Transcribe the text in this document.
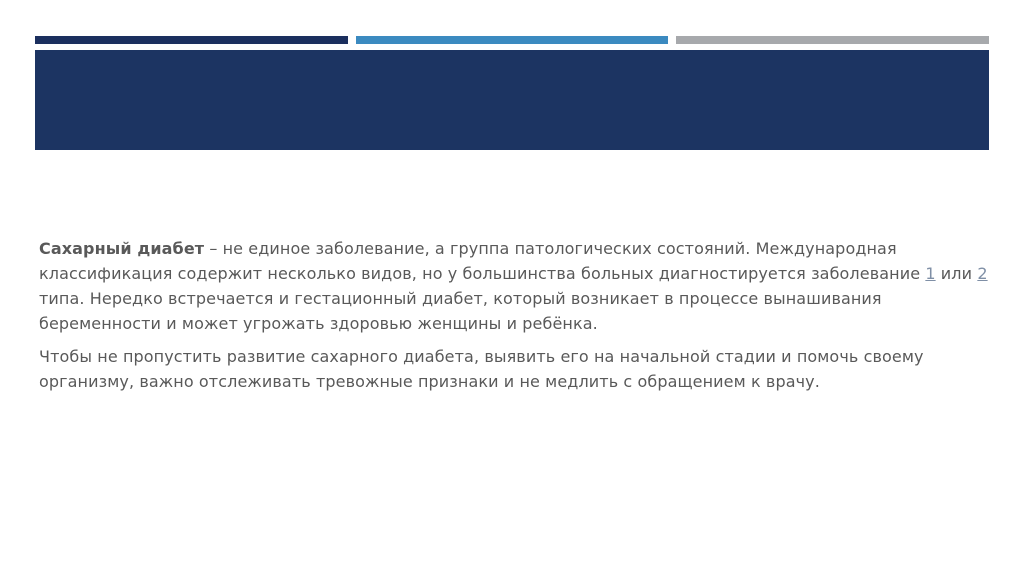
Сахарный диабет – не единое заболевание, а группа патологических состояний. Международная классификация содержит несколько видов, но у большинства больных диагностируется заболевание 1 или 2 типа. Нередко встречается и гестационный диабет, который возникает в процессе вынашивания беременности и может угрожать здоровью женщины и ребёнка.

Чтобы не пропустить развитие сахарного диабета, выявить его на начальной стадии и помочь своему организму, важно отслеживать тревожные признаки и не медлить с обращением к врачу.
